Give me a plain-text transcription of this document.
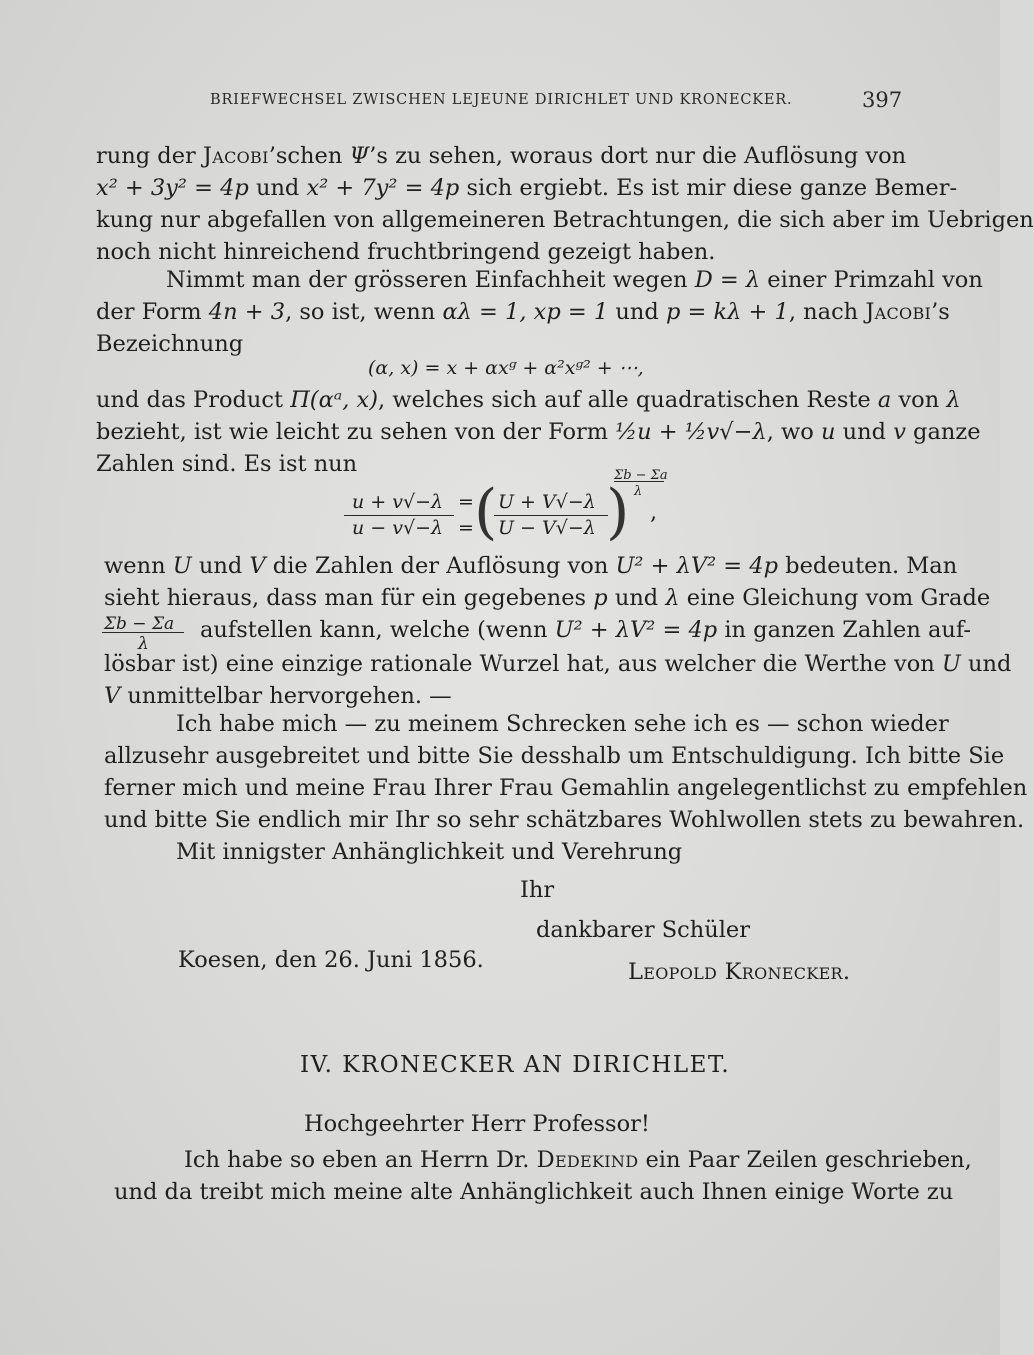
BRIEFWECHSEL ZWISCHEN LEJEUNE DIRICHLET UND KRONECKER.	397
rung der Jacobi’schen Ψ’s zu sehen, woraus dort nur die Auflösung von
x² + 3y² = 4p und x² + 7y² = 4p sich ergiebt. Es ist mir diese ganze Bemer-
kung nur abgefallen von allgemeineren Betrachtungen, die sich aber im Uebrigen
noch nicht hinreichend fruchtbringend gezeigt haben.
Nimmt man der grösseren Einfachheit wegen D = λ einer Primzahl von
der Form 4n + 3, so ist, wenn αλ = 1, xp = 1 und p = kλ + 1, nach Jacobi’s
Bezeichnung
(α, x) = x + αxᵍ + α²xᵍ² + ⋯,
und das Product Π(αᵃ, x), welches sich auf alle quadratischen Reste a von λ
bezieht, ist wie leicht zu sehen von der Form ½u + ½v√−λ, wo u und v ganze
Zahlen sind. Es ist nun
u + v√−λ
u − v√−λ
=
= ( U + V√−λ
U − V√−λ )
Σb − Σa
λ
,
wenn U und V die Zahlen der Auflösung von U² + λV² = 4p bedeuten. Man
sieht hieraus, dass man für ein gegebenes p und λ eine Gleichung vom Grade
Σb − Σa
λ
aufstellen kann, welche (wenn U² + λV² = 4p in ganzen Zahlen auf-
lösbar ist) eine einzige rationale Wurzel hat, aus welcher die Werthe von U und
V unmittelbar hervorgehen. —
Ich habe mich — zu meinem Schrecken sehe ich es — schon wieder
allzusehr ausgebreitet und bitte Sie desshalb um Entschuldigung. Ich bitte Sie
ferner mich und meine Frau Ihrer Frau Gemahlin angelegentlichst zu empfehlen
und bitte Sie endlich mir Ihr so sehr schätzbares Wohlwollen stets zu bewahren.
Mit innigster Anhänglichkeit und Verehrung
Ihr
dankbarer Schüler
Koesen, den 26. Juni 1856.	Leopold Kronecker.
IV. KRONECKER AN DIRICHLET.
Hochgeehrter Herr Professor!
Ich habe so eben an Herrn Dr. Dedekind ein Paar Zeilen geschrieben,
und da treibt mich meine alte Anhänglichkeit auch Ihnen einige Worte zu
